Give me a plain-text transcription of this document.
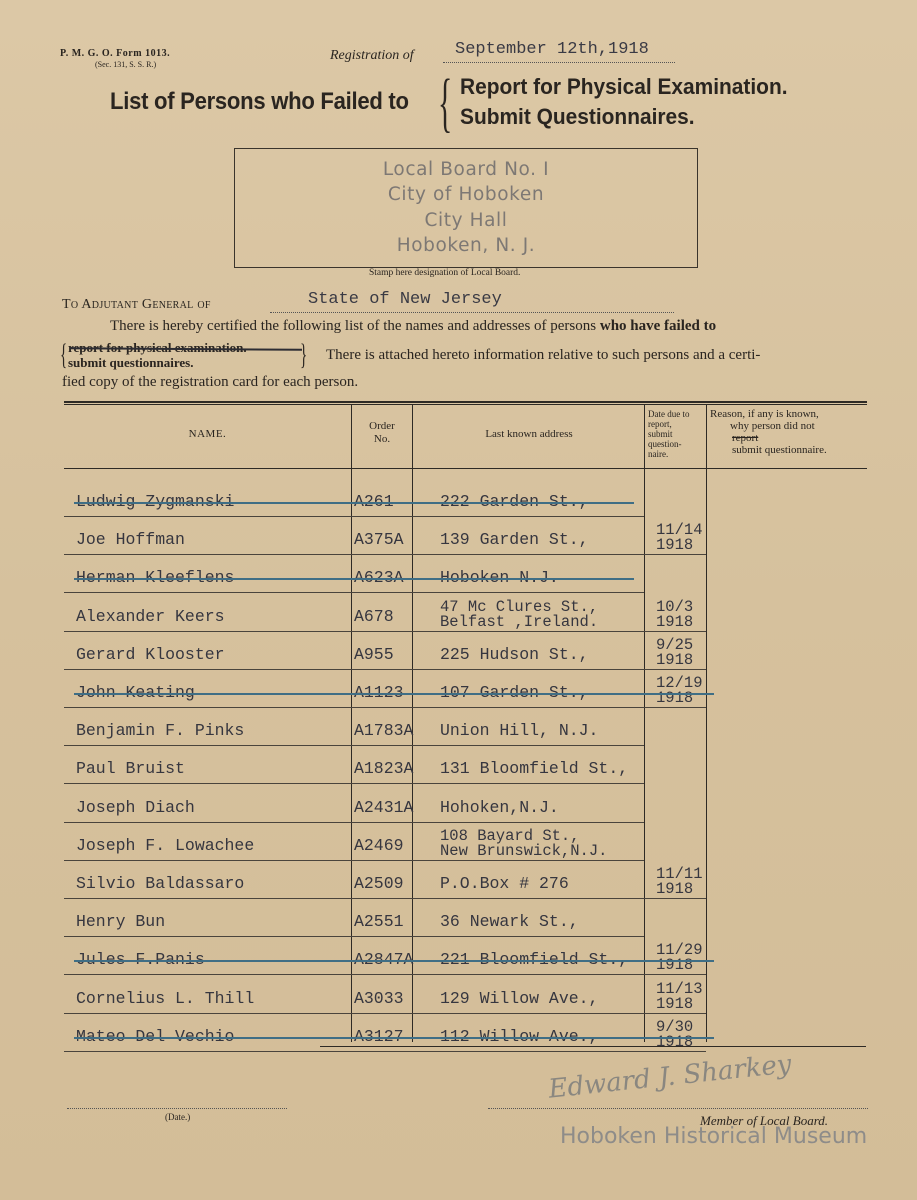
P. M. G. O. Form 1013.
(Sec. 131, S. S. R.)
Registration of September 12th,1918
List of Persons who Failed to { Report for Physical Examination.
Submit Questionnaires.
Local Board No. I
City of Hoboken
City Hall
Hoboken, N. J.
Stamp here designation of Local Board.
To Adjutant General of	State of New Jersey
There is hereby certified the following list of the names and addresses of persons who have failed to
{ report for physical examination.
submit questionnaires.	} There is attached hereto information relative to such persons and a certi-
fied copy of the registration card for each person.
NAME.
Order
No.	Last known address
Date due to
report,
submit
question-
naire.
Reason, if any is known,
why person did not
report
submit questionnaire.
Ludwig Zygmanski	A261	222 Garden St.,
Joe Hoffman	A375A 139 Garden St.,	11/14
1918
Herman Kleeflens	A623A Hoboken N.J.
Alexander Keers	A678	47 Mc Clures St.,
Belfast ,Ireland.
10/3
1918
Gerard Klooster	A955	225 Hudson St.,	9/25
1918
John Keating	A1123 107 Garden St.,	12/19
1918
Benjamin F. Pinks	A1783A Union Hill, N.J.
Paul Bruist	A1823A 131 Bloomfield St.,
Joseph Diach	A2431A Hohoken,N.J.
Joseph F. Lowachee	A2469 108 Bayard St.,
New Brunswick,N.J.
Silvio Baldassaro	A2509 P.O.Box # 276	11/11
1918
Henry Bun	A2551 36 Newark St.,
Jules F.Panis	A2847A 221 Bloomfield St., 11/29
1918
Cornelius L. Thill	A3033 129 Willow Ave.,	11/13
1918
Mateo Del Vechio	A3127 112 Willow Ave.,	9/30
1918
Edward J. Sharkey
(Date.)	Member of Local Board.
Hoboken Historical Museum
